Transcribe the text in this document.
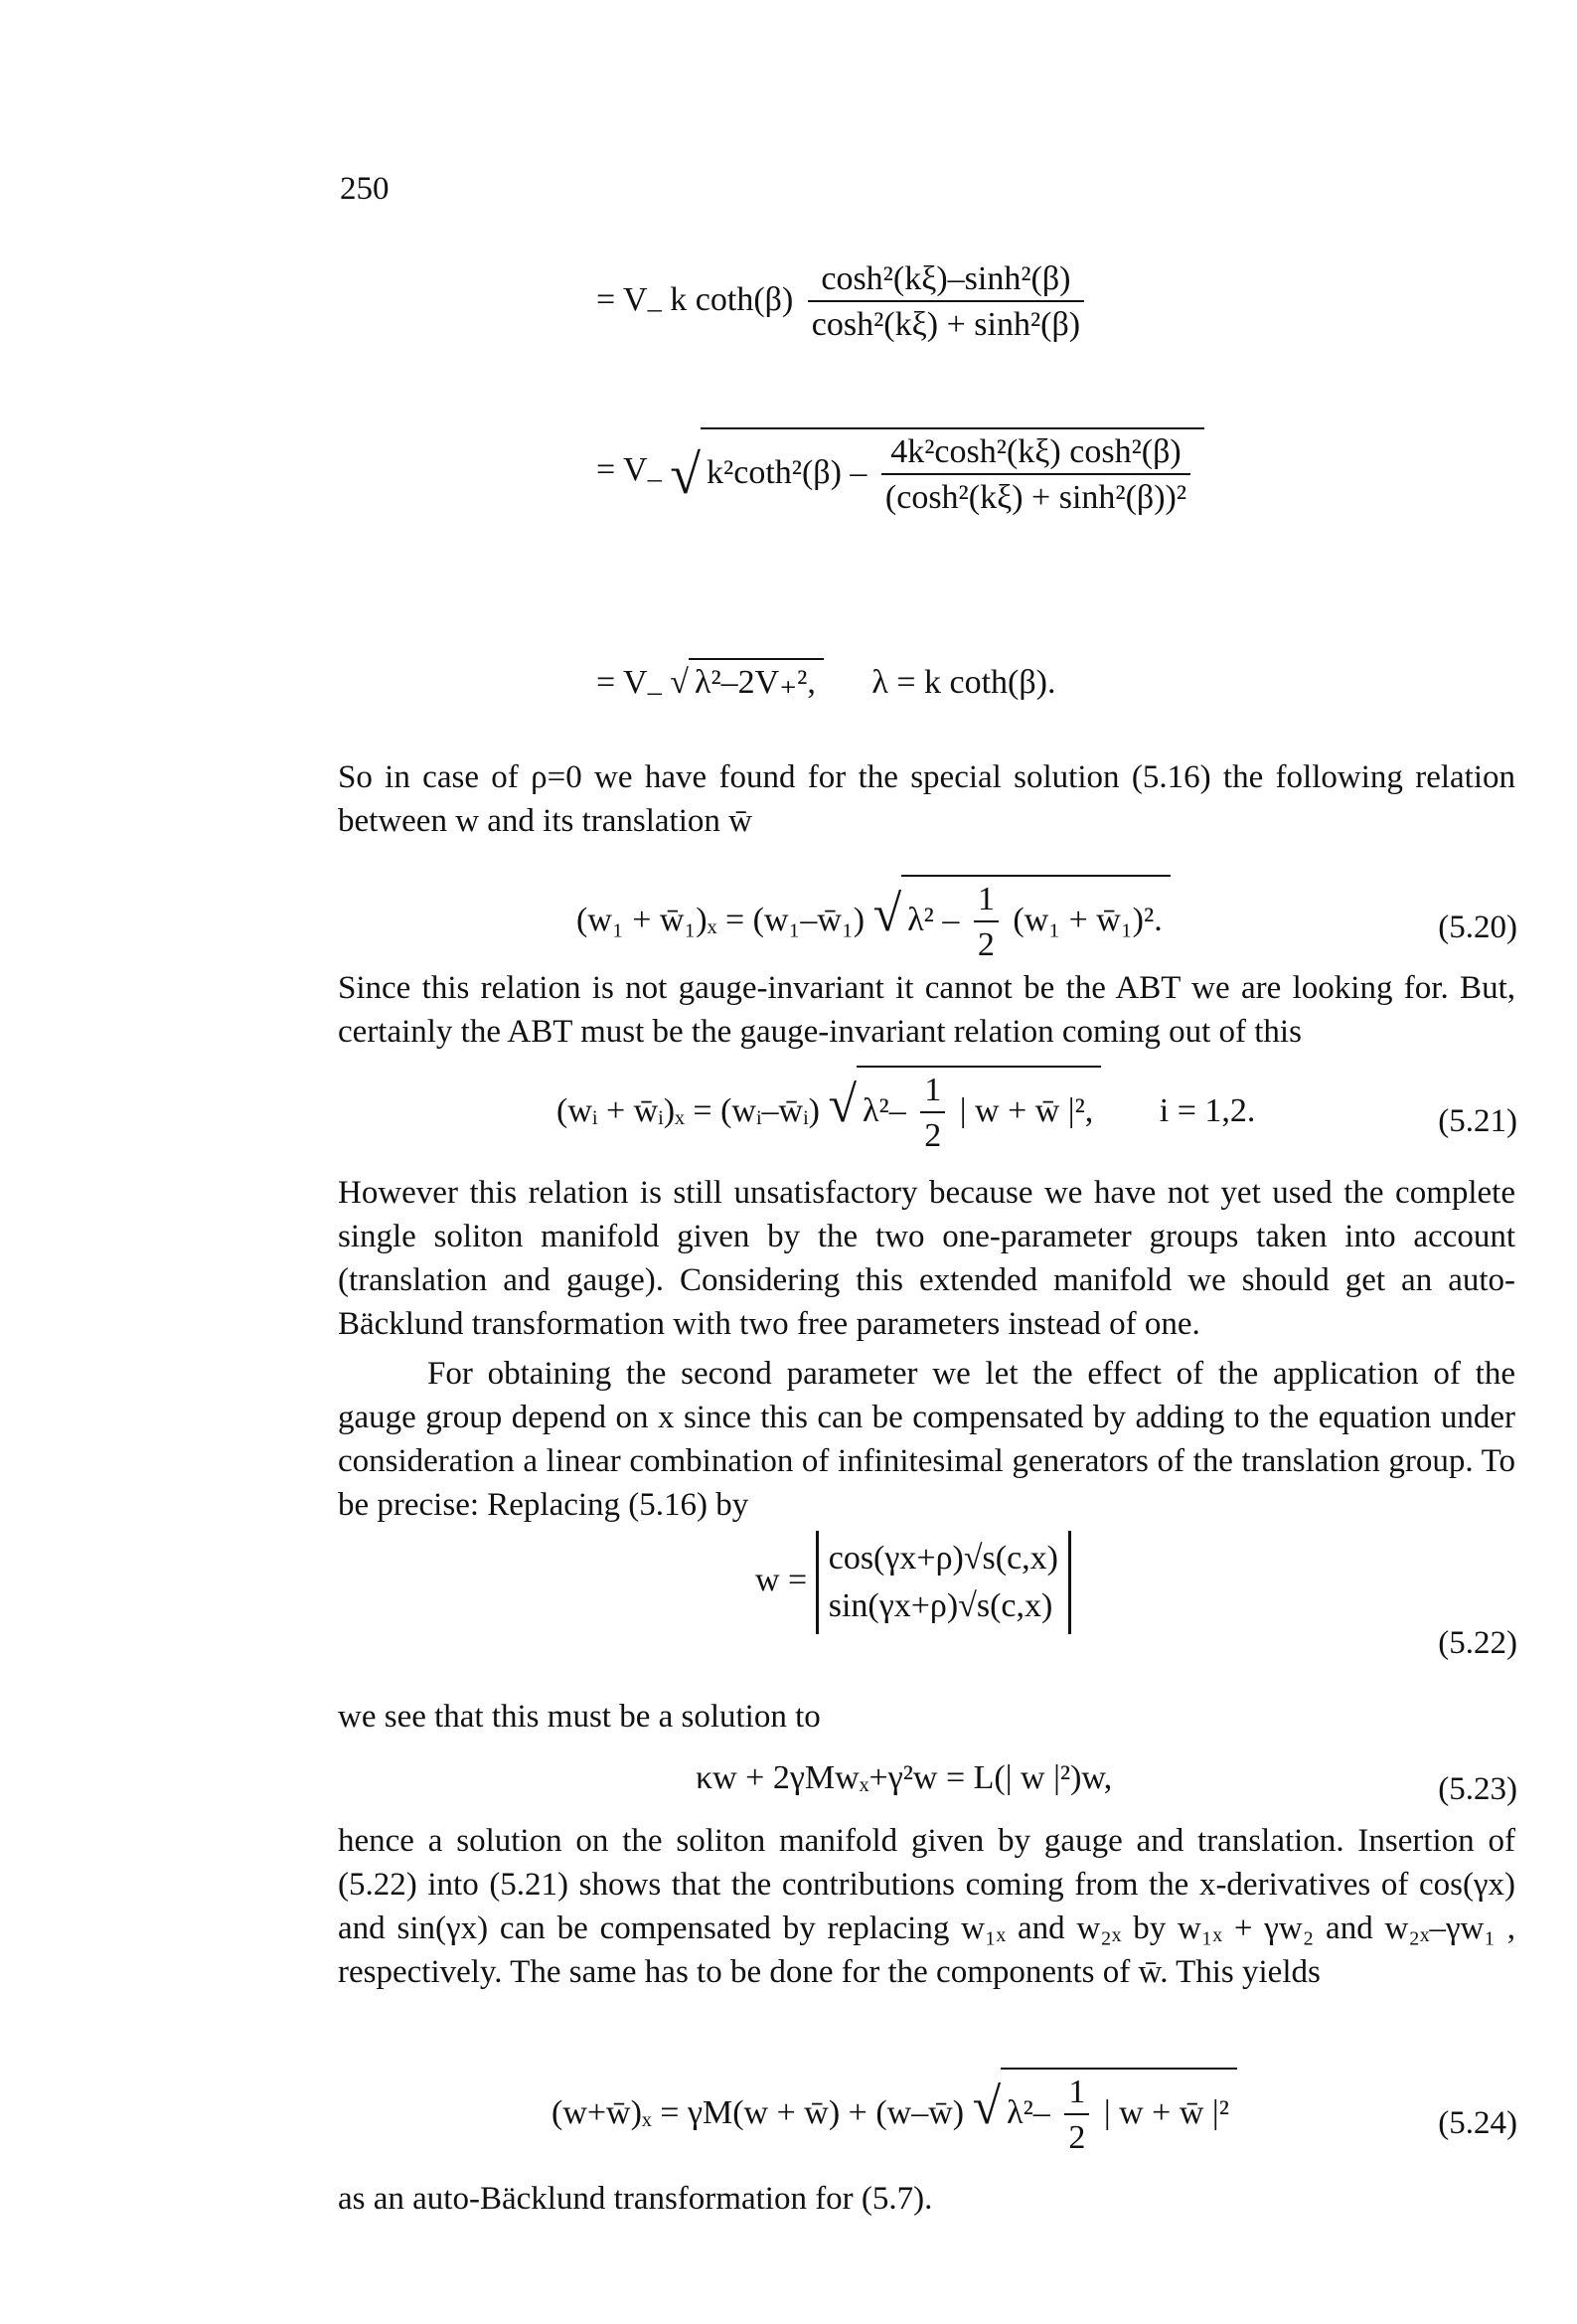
250
= $V_-$ k $\cot h(\beta) \frac{\text{cosh²(kξ)–sinh²(β)}}{\text{cosh²(kξ) + sinh²(β)}}$
= $V_-$ √ $k^2\cot h^2(\beta) - \frac{\text{4k²cosh²(kξ) cosh²(β)}}{\text{(cosh²(kξ) + sinh²(β))²}}$
= $V_-$ √ λ²–2V₊², λ = k coth(β).
So in case of ρ=0 we have found for the special solution (5.16) the following relation between w and its translation w̄
(w₁ + w̄₁)ₓ = (w₁–w̄₁) √ $\lambda^2 - \frac{1}{2} (w_1$ + w̄₁)².	(5.20)
Since this relation is not gauge-invariant it cannot be the ABT we are looking for. But, certainly the ABT must be the gauge-invariant relation coming out of this
(wᵢ + w̄ᵢ)ₓ = (wᵢ–w̄ᵢ) √ $\lambda^2- \frac{1}{2}$ | w + w̄ |², i = 1,2.	(5.21)
However this relation is still unsatisfactory because we have not yet used the complete single soliton manifold given by the two one-parameter groups taken into account (translation and gauge). Considering this extended manifold we should get an auto-Bäcklund transformation with two free parameters instead of one.
For obtaining the second parameter we let the effect of the application of the gauge group depend on x since this can be compensated by adding to the equation under consideration a linear combination of infinitesimal generators of the translation group. To be precise: Replacing (5.16) by
w =
cos(γx+ρ)√s(c,x)
sin(γx+ρ)√s(c,x)
(5.22)
we see that this must be a solution to
κw + 2γMwₓ+γ²w = L(| w |²)w,	(5.23)
hence a solution on the soliton manifold given by gauge and translation. Insertion of (5.22) into (5.21) shows that the contributions coming from the x-derivatives of cos(γx) and sin(γx) can be compensated by replacing w₁ₓ and w₂ₓ by w₁ₓ + γw₂ and w₂ₓ–γw₁ , respectively. The same has to be done for the components of w̄. This yields
(w+w̄)ₓ = γM(w + w̄) + (w–w̄) √ $\lambda^2- \frac{1}{2}$ | w + w̄ |²	(5.24)
as an auto-Bäcklund transformation for (5.7).
